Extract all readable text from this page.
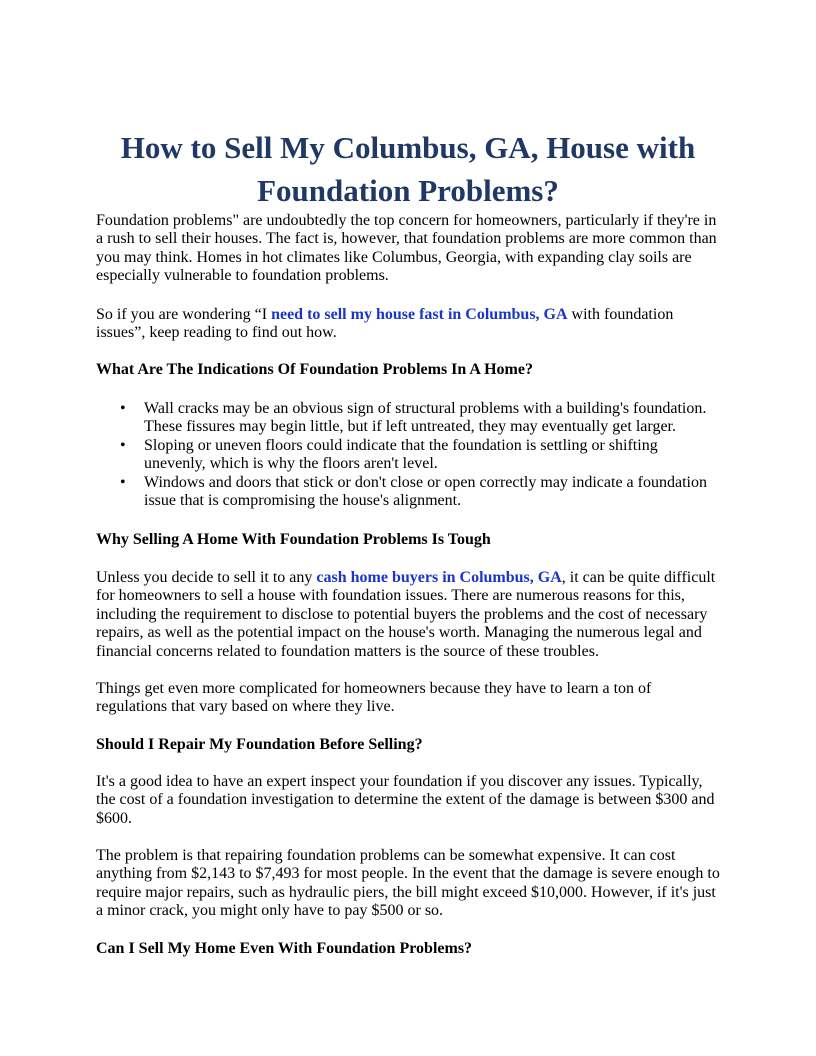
How to Sell My Columbus, GA, House with
Foundation Problems?

Foundation problems" are undoubtedly the top concern for homeowners, particularly if they're in a rush to sell their houses. The fact is, however, that foundation problems are more common than you may think. Homes in hot climates like Columbus, Georgia, with expanding clay soils are especially vulnerable to foundation problems.

So if you are wondering “I need to sell my house fast in Columbus, GA with foundation issues”, keep reading to find out how.

What Are The Indications Of Foundation Problems In A Home?

• Wall cracks may be an obvious sign of structural problems with a building's foundation. These fissures may begin little, but if left untreated, they may eventually get larger.
• Sloping or uneven floors could indicate that the foundation is settling or shifting unevenly, which is why the floors aren't level.
• Windows and doors that stick or don't close or open correctly may indicate a foundation issue that is compromising the house's alignment.

Why Selling A Home With Foundation Problems Is Tough

Unless you decide to sell it to any cash home buyers in Columbus, GA, it can be quite difficult for homeowners to sell a house with foundation issues. There are numerous reasons for this, including the requirement to disclose to potential buyers the problems and the cost of necessary repairs, as well as the potential impact on the house's worth. Managing the numerous legal and financial concerns related to foundation matters is the source of these troubles.

Things get even more complicated for homeowners because they have to learn a ton of regulations that vary based on where they live.

Should I Repair My Foundation Before Selling?

It's a good idea to have an expert inspect your foundation if you discover any issues. Typically, the cost of a foundation investigation to determine the extent of the damage is between $300 and $600.

The problem is that repairing foundation problems can be somewhat expensive. It can cost anything from $2,143 to $7,493 for most people. In the event that the damage is severe enough to require major repairs, such as hydraulic piers, the bill might exceed $10,000. However, if it's just a minor crack, you might only have to pay $500 or so.

Can I Sell My Home Even With Foundation Problems?
